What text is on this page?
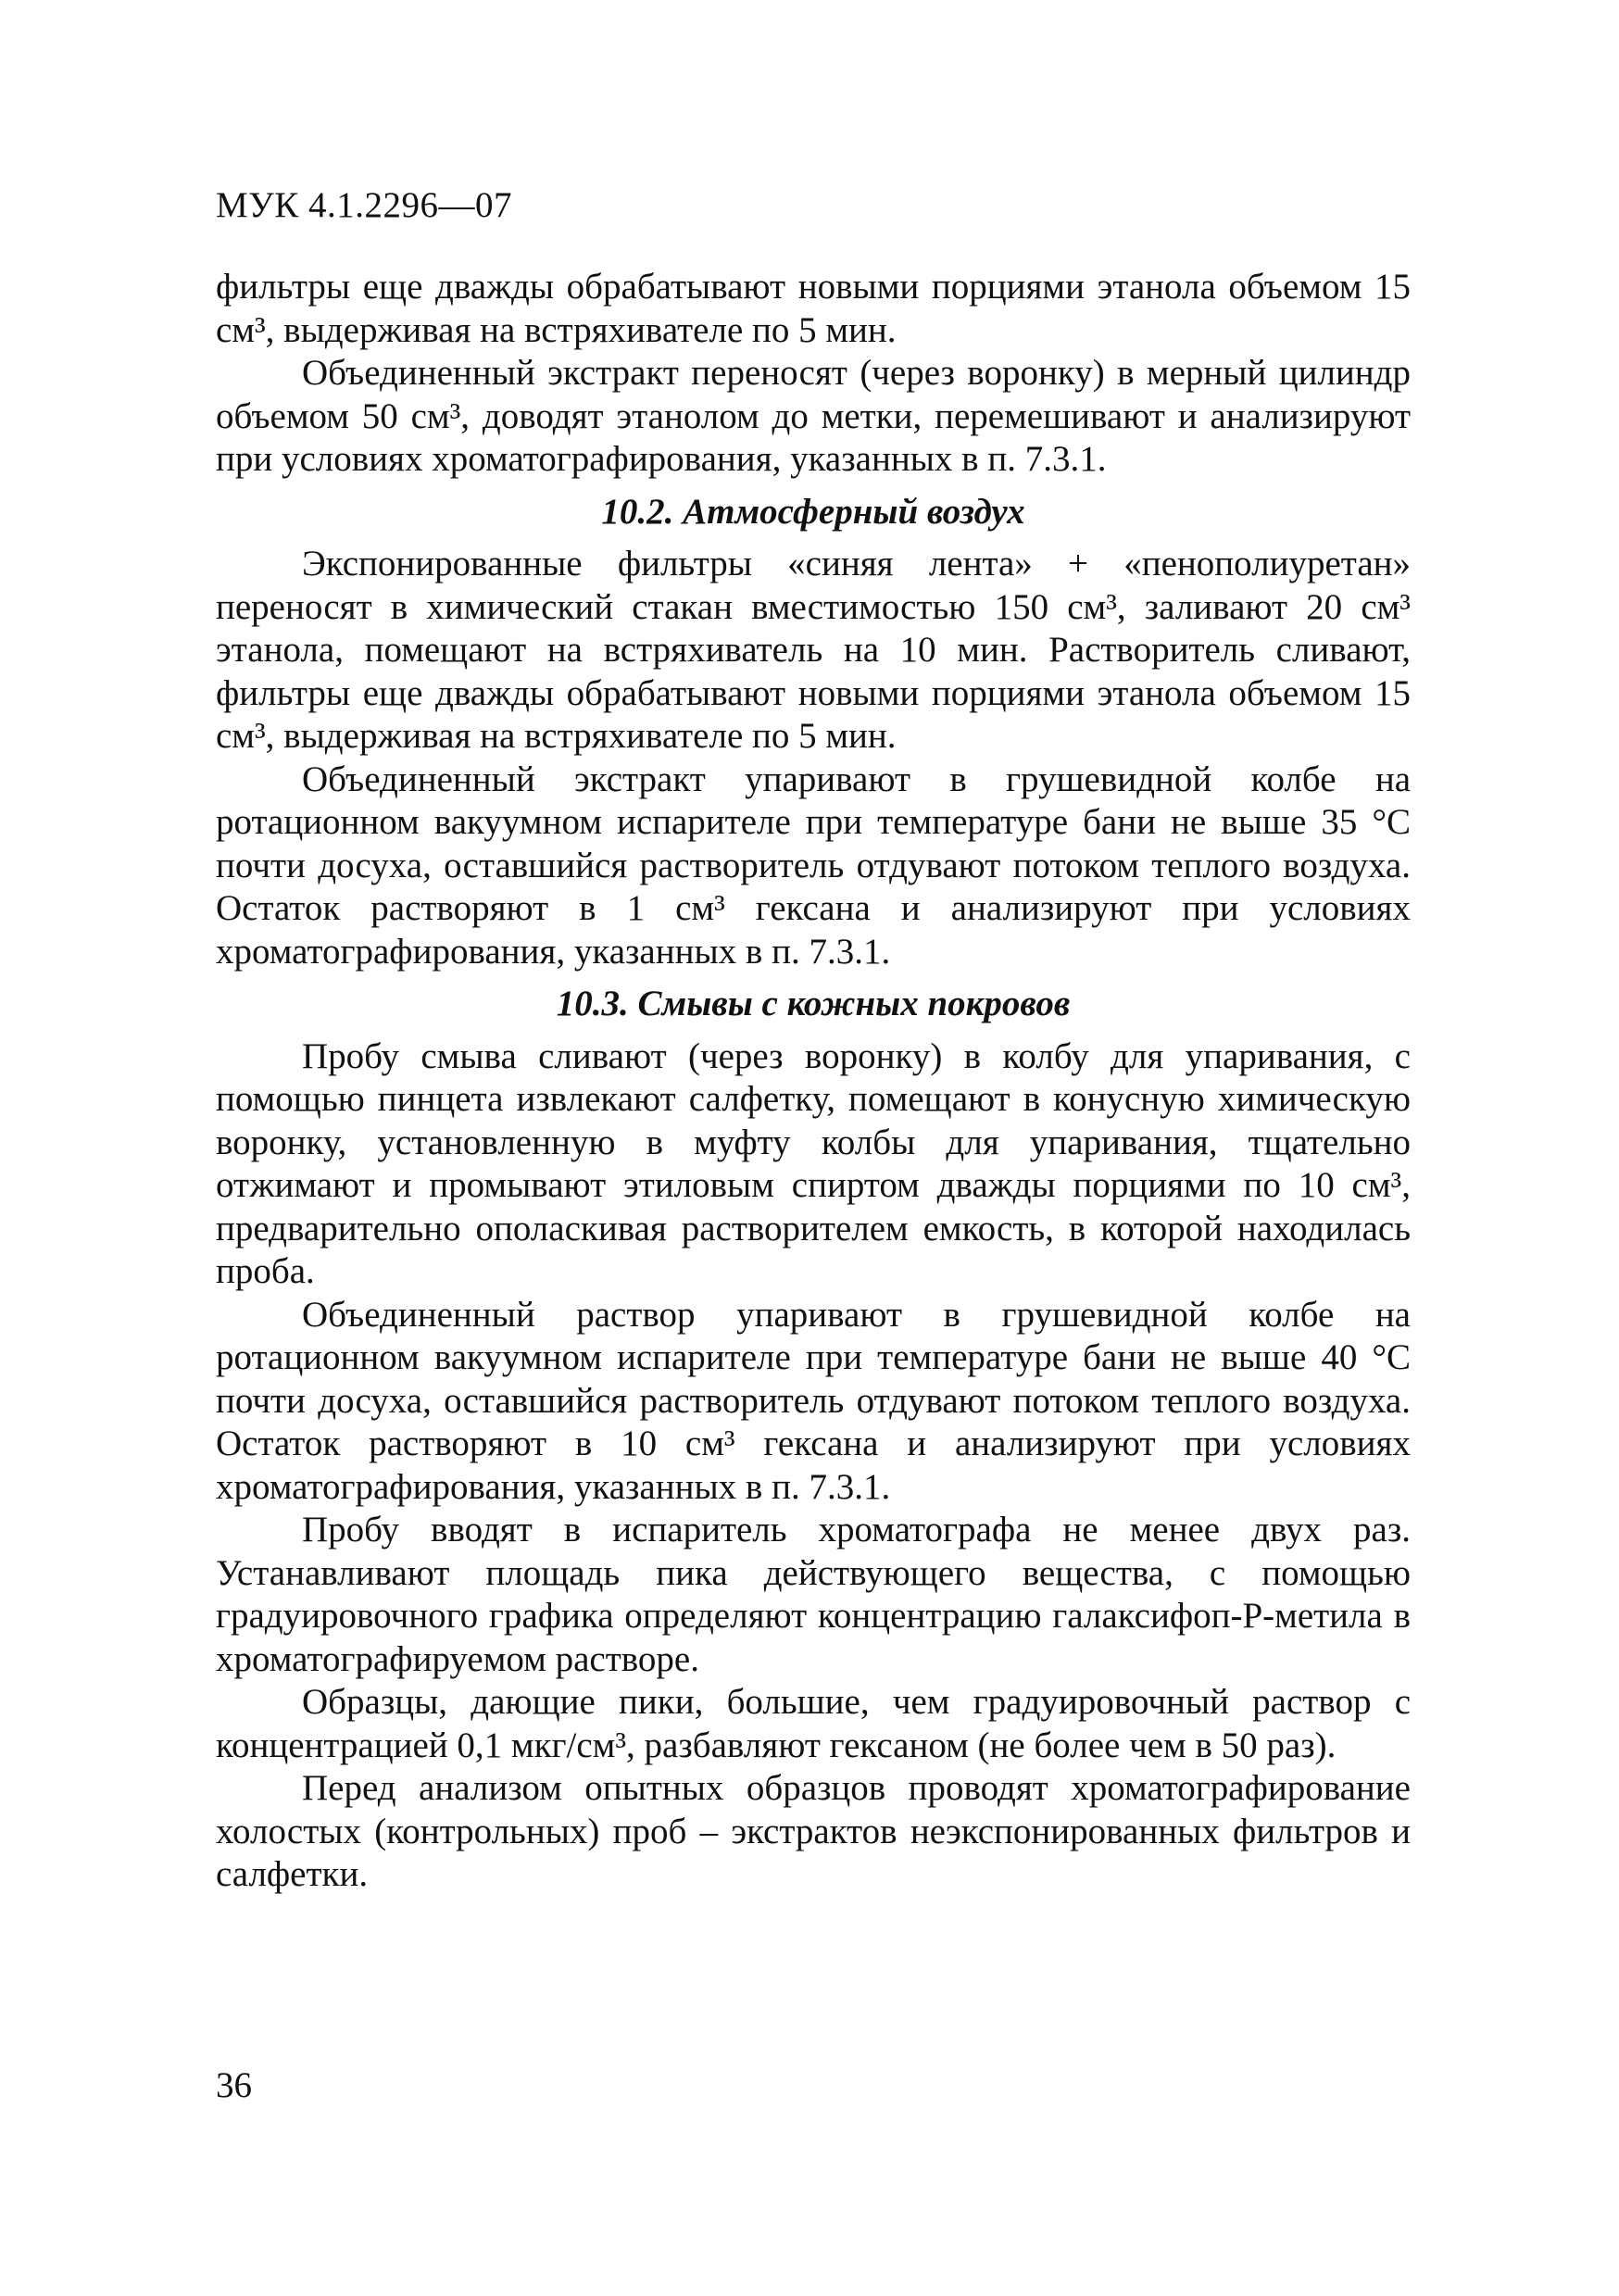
МУК 4.1.2296—07

фильтры еще дважды обрабатывают новыми порциями этанола объемом 15 см³, выдерживая на встряхивателе по 5 мин.

Объединенный экстракт переносят (через воронку) в мерный цилиндр объемом 50 см³, доводят этанолом до метки, перемешивают и анализируют при условиях хроматографирования, указанных в п. 7.3.1.

10.2. Атмосферный воздух

Экспонированные фильтры «синяя лента» + «пенополиуретан» переносят в химический стакан вместимостью 150 см³, заливают 20 см³ этанола, помещают на встряхиватель на 10 мин. Растворитель сливают, фильтры еще дважды обрабатывают новыми порциями этанола объемом 15 см³, выдерживая на встряхивателе по 5 мин.

Объединенный экстракт упаривают в грушевидной колбе на ротационном вакуумном испарителе при температуре бани не выше 35 °C почти досуха, оставшийся растворитель отдувают потоком теплого воздуха. Остаток растворяют в 1 см³ гексана и анализируют при условиях хроматографирования, указанных в п. 7.3.1.

10.3. Смывы с кожных покровов

Пробу смыва сливают (через воронку) в колбу для упаривания, с помощью пинцета извлекают салфетку, помещают в конусную химическую воронку, установленную в муфту колбы для упаривания, тщательно отжимают и промывают этиловым спиртом дважды порциями по 10 см³, предварительно ополаскивая растворителем емкость, в которой находилась проба.

Объединенный раствор упаривают в грушевидной колбе на ротационном вакуумном испарителе при температуре бани не выше 40 °C почти досуха, оставшийся растворитель отдувают потоком теплого воздуха. Остаток растворяют в 10 см³ гексана и анализируют при условиях хроматографирования, указанных в п. 7.3.1.

Пробу вводят в испаритель хроматографа не менее двух раз. Устанавливают площадь пика действующего вещества, с помощью градуировочного графика определяют концентрацию галаксифоп-Р-метила в хроматографируемом растворе.

Образцы, дающие пики, большие, чем градуировочный раствор с концентрацией 0,1 мкг/см³, разбавляют гексаном (не более чем в 50 раз).

Перед анализом опытных образцов проводят хроматографирование холостых (контрольных) проб – экстрактов неэкспонированных фильтров и салфетки.

36
